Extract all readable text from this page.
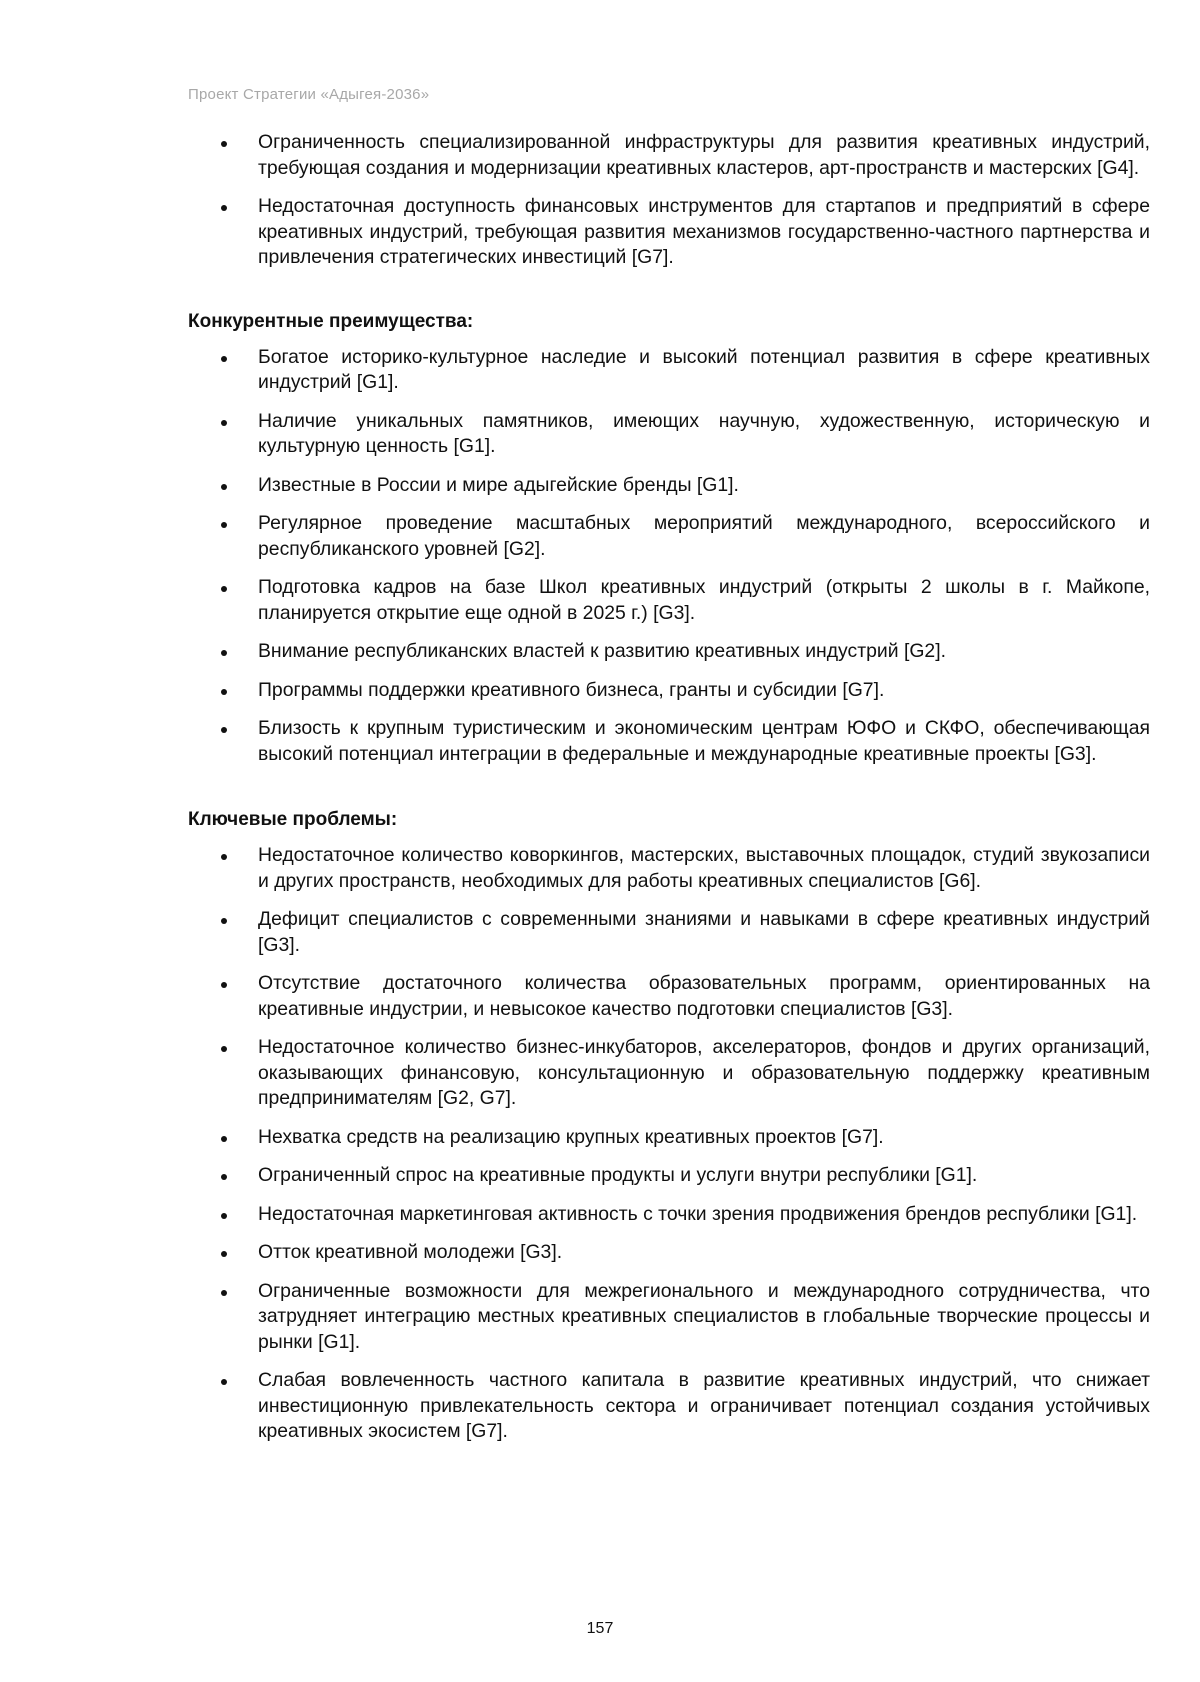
Проект Стратегии «Адыгея-2036»
Ограниченность специализированной инфраструктуры для развития креативных индустрий, требующая создания и модернизации креативных кластеров, арт-пространств и мастерских [G4].
Недостаточная доступность финансовых инструментов для стартапов и предприятий в сфере креативных индустрий, требующая развития механизмов государственно-частного партнерства и привлечения стратегических инвестиций [G7].
Конкурентные преимущества:
Богатое историко-культурное наследие и высокий потенциал развития в сфере креативных индустрий [G1].
Наличие уникальных памятников, имеющих научную, художественную, историческую и культурную ценность [G1].
Известные в России и мире адыгейские бренды [G1].
Регулярное проведение масштабных мероприятий международного, всероссийского и республиканского уровней [G2].
Подготовка кадров на базе Школ креативных индустрий (открыты 2 школы в г. Майкопе, планируется открытие еще одной в 2025 г.) [G3].
Внимание республиканских властей к развитию креативных индустрий [G2].
Программы поддержки креативного бизнеса, гранты и субсидии [G7].
Близость к крупным туристическим и экономическим центрам ЮФО и СКФО, обеспечивающая высокий потенциал интеграции в федеральные и международные креативные проекты [G3].
Ключевые проблемы:
Недостаточное количество коворкингов, мастерских, выставочных площадок, студий звукозаписи и других пространств, необходимых для работы креативных специалистов [G6].
Дефицит специалистов с современными знаниями и навыками в сфере креативных индустрий [G3].
Отсутствие достаточного количества образовательных программ, ориентированных на креативные индустрии, и невысокое качество подготовки специалистов [G3].
Недостаточное количество бизнес-инкубаторов, акселераторов, фондов и других организаций, оказывающих финансовую, консультационную и образовательную поддержку креативным предпринимателям [G2, G7].
Нехватка средств на реализацию крупных креативных проектов [G7].
Ограниченный спрос на креативные продукты и услуги внутри республики [G1].
Недостаточная маркетинговая активность с точки зрения продвижения брендов республики [G1].
Отток креативной молодежи [G3].
Ограниченные возможности для межрегионального и международного сотрудничества, что затрудняет интеграцию местных креативных специалистов в глобальные творческие процессы и рынки [G1].
Слабая вовлеченность частного капитала в развитие креативных индустрий, что снижает инвестиционную привлекательность сектора и ограничивает потенциал создания устойчивых креативных экосистем [G7].
157
